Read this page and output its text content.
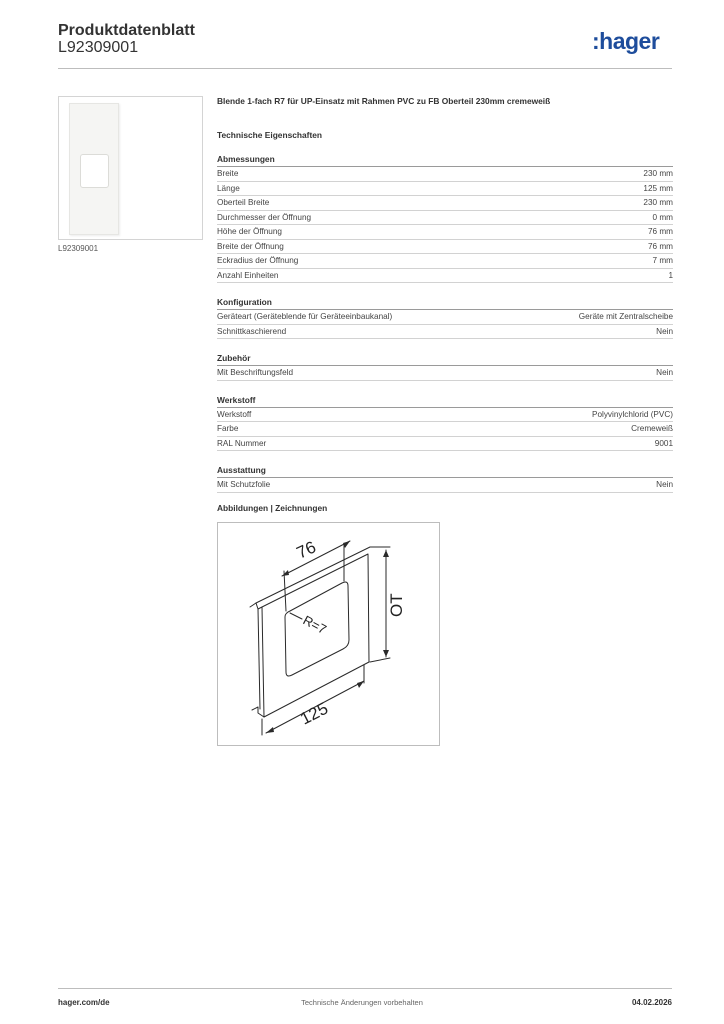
Produktdatenblatt
L92309001	:hager
L92309001
Blende 1-fach R7 für UP-Einsatz mit Rahmen PVC zu FB Oberteil 230mm cremeweiß
Technische Eigenschaften
Abmessungen
Breite	230 mm
Länge	125 mm
Oberteil Breite	230 mm
Durchmesser der Öffnung	0 mm
Höhe der Öffnung	76 mm
Breite der Öffnung	76 mm
Eckradius der Öffnung	7 mm
Anzahl Einheiten	1
Konfiguration
Geräteart (Geräteblende für Geräteeinbaukanal)	Geräte mit Zentralscheibe
Schnittkaschierend	Nein
Zubehör
Mit Beschriftungsfeld	Nein
Werkstoff
Werkstoff	Polyvinylchlorid (PVC)
Farbe	Cremeweiß
RAL Nummer	9001
Ausstattung
Mit Schutzfolie	Nein
Abbildungen | Zeichnungen
76
R=7
OT
125
hager.com/de	Technische Änderungen vorbehalten	04.02.2026
